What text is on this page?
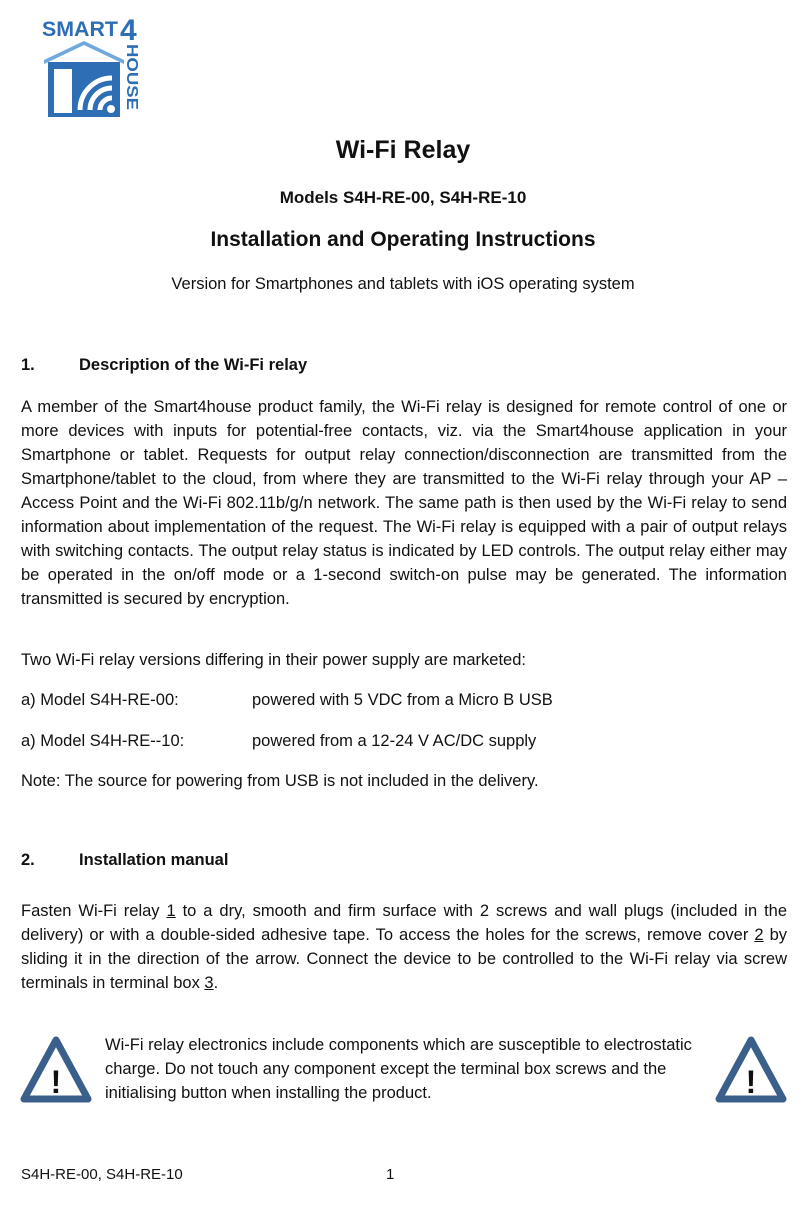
SMART 4
HOUSE
Wi-Fi Relay
Models S4H-RE-00, S4H-RE-10
Installation and Operating Instructions
Version for Smartphones and tablets with iOS operating system
1.	Description of the Wi-Fi relay
A member of the Smart4house product family, the Wi-Fi relay is designed for remote control of one or more devices with inputs for potential-free contacts, viz. via the Smart4house application in your Smartphone or tablet. Requests for output relay connection/disconnection are transmitted from the Smartphone/tablet to the cloud, from where they are transmitted to the Wi-Fi relay through your AP – Access Point and the Wi-Fi 802.11b/g/n network. The same path is then used by the Wi-Fi relay to send information about implementation of the request. The Wi-Fi relay is equipped with a pair of output relays with switching contacts. The output relay status is indicated by LED controls. The output relay either may be operated in the on/off mode or a 1-second switch-on pulse may be generated. The information transmitted is secured by encryption.
Two Wi-Fi relay versions differing in their power supply are marketed:
a) Model S4H-RE-00:	powered with 5 VDC from a Micro B USB
a) Model S4H-RE--10:	powered from a 12-24 V AC/DC supply
Note: The source for powering from USB is not included in the delivery.
2.	Installation manual
Fasten Wi-Fi relay 1 to a dry, smooth and firm surface with 2 screws and wall plugs (included in the delivery) or with a double-sided adhesive tape. To access the holes for the screws, remove cover 2 by sliding it in the direction of the arrow. Connect the device to be controlled to the Wi-Fi relay via screw terminals in terminal box 3.
!
Wi-Fi relay electronics include components which are susceptible to electrostatic charge. Do not touch any component except the terminal box screws and the initialising button when installing the product.	!
S4H-RE-00, S4H-RE-10	1
